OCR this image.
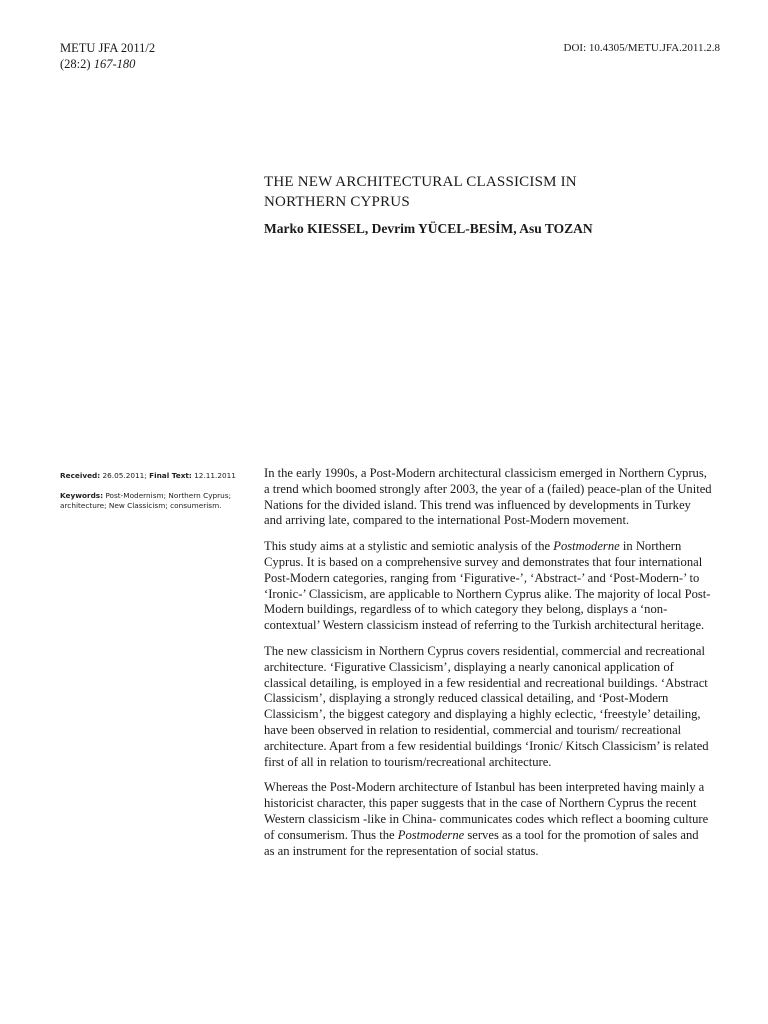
METU JFA 2011/2
(28:2) 167-180
DOI: 10.4305/METU.JFA.2011.2.8
THE NEW ARCHITECTURAL CLASSICISM IN
NORTHERN CYPRUS
Marko KIESSEL, Devrim YÜCEL-BESİM, Asu TOZAN

Received: 26.05.2011; Final Text: 12.11.2011

Keywords: Post-Modernism; Northern Cyprus; architecture; New Classicism; consumerism.

In the early 1990s, a Post-Modern architectural classicism emerged in Northern Cyprus, a trend which boomed strongly after 2003, the year of a (failed) peace-plan of the United Nations for the divided island. This trend was influenced by developments in Turkey and arriving late, compared to the international Post-Modern movement.

This study aims at a stylistic and semiotic analysis of the Postmoderne in Northern Cyprus. It is based on a comprehensive survey and demonstrates that four international Post-Modern categories, ranging from ‘Figurative-’, ‘Abstract-’ and ‘Post-Modern-’ to ‘Ironic-’ Classicism, are applicable to Northern Cyprus alike. The majority of local Post-Modern buildings, regardless of to which category they belong, displays a ‘non-contextual’ Western classicism instead of referring to the Turkish architectural heritage.

The new classicism in Northern Cyprus covers residential, commercial and recreational architecture. ‘Figurative Classicism’, displaying a nearly canonical application of classical detailing, is employed in a few residential and recreational buildings. ‘Abstract Classicism’, displaying a strongly reduced classical detailing, and ‘Post-Modern Classicism’, the biggest category and displaying a highly eclectic, ‘freestyle’ detailing, have been observed in relation to residential, commercial and tourism/ recreational architecture. Apart from a few residential buildings ‘Ironic/ Kitsch Classicism’ is related first of all in relation to tourism/recreational architecture.

Whereas the Post-Modern architecture of Istanbul has been interpreted having mainly a historicist character, this paper suggests that in the case of Northern Cyprus the recent Western classicism -like in China- communicates codes which reflect a booming culture of consumerism. Thus the Postmoderne serves as a tool for the promotion of sales and as an instrument for the representation of social status.
